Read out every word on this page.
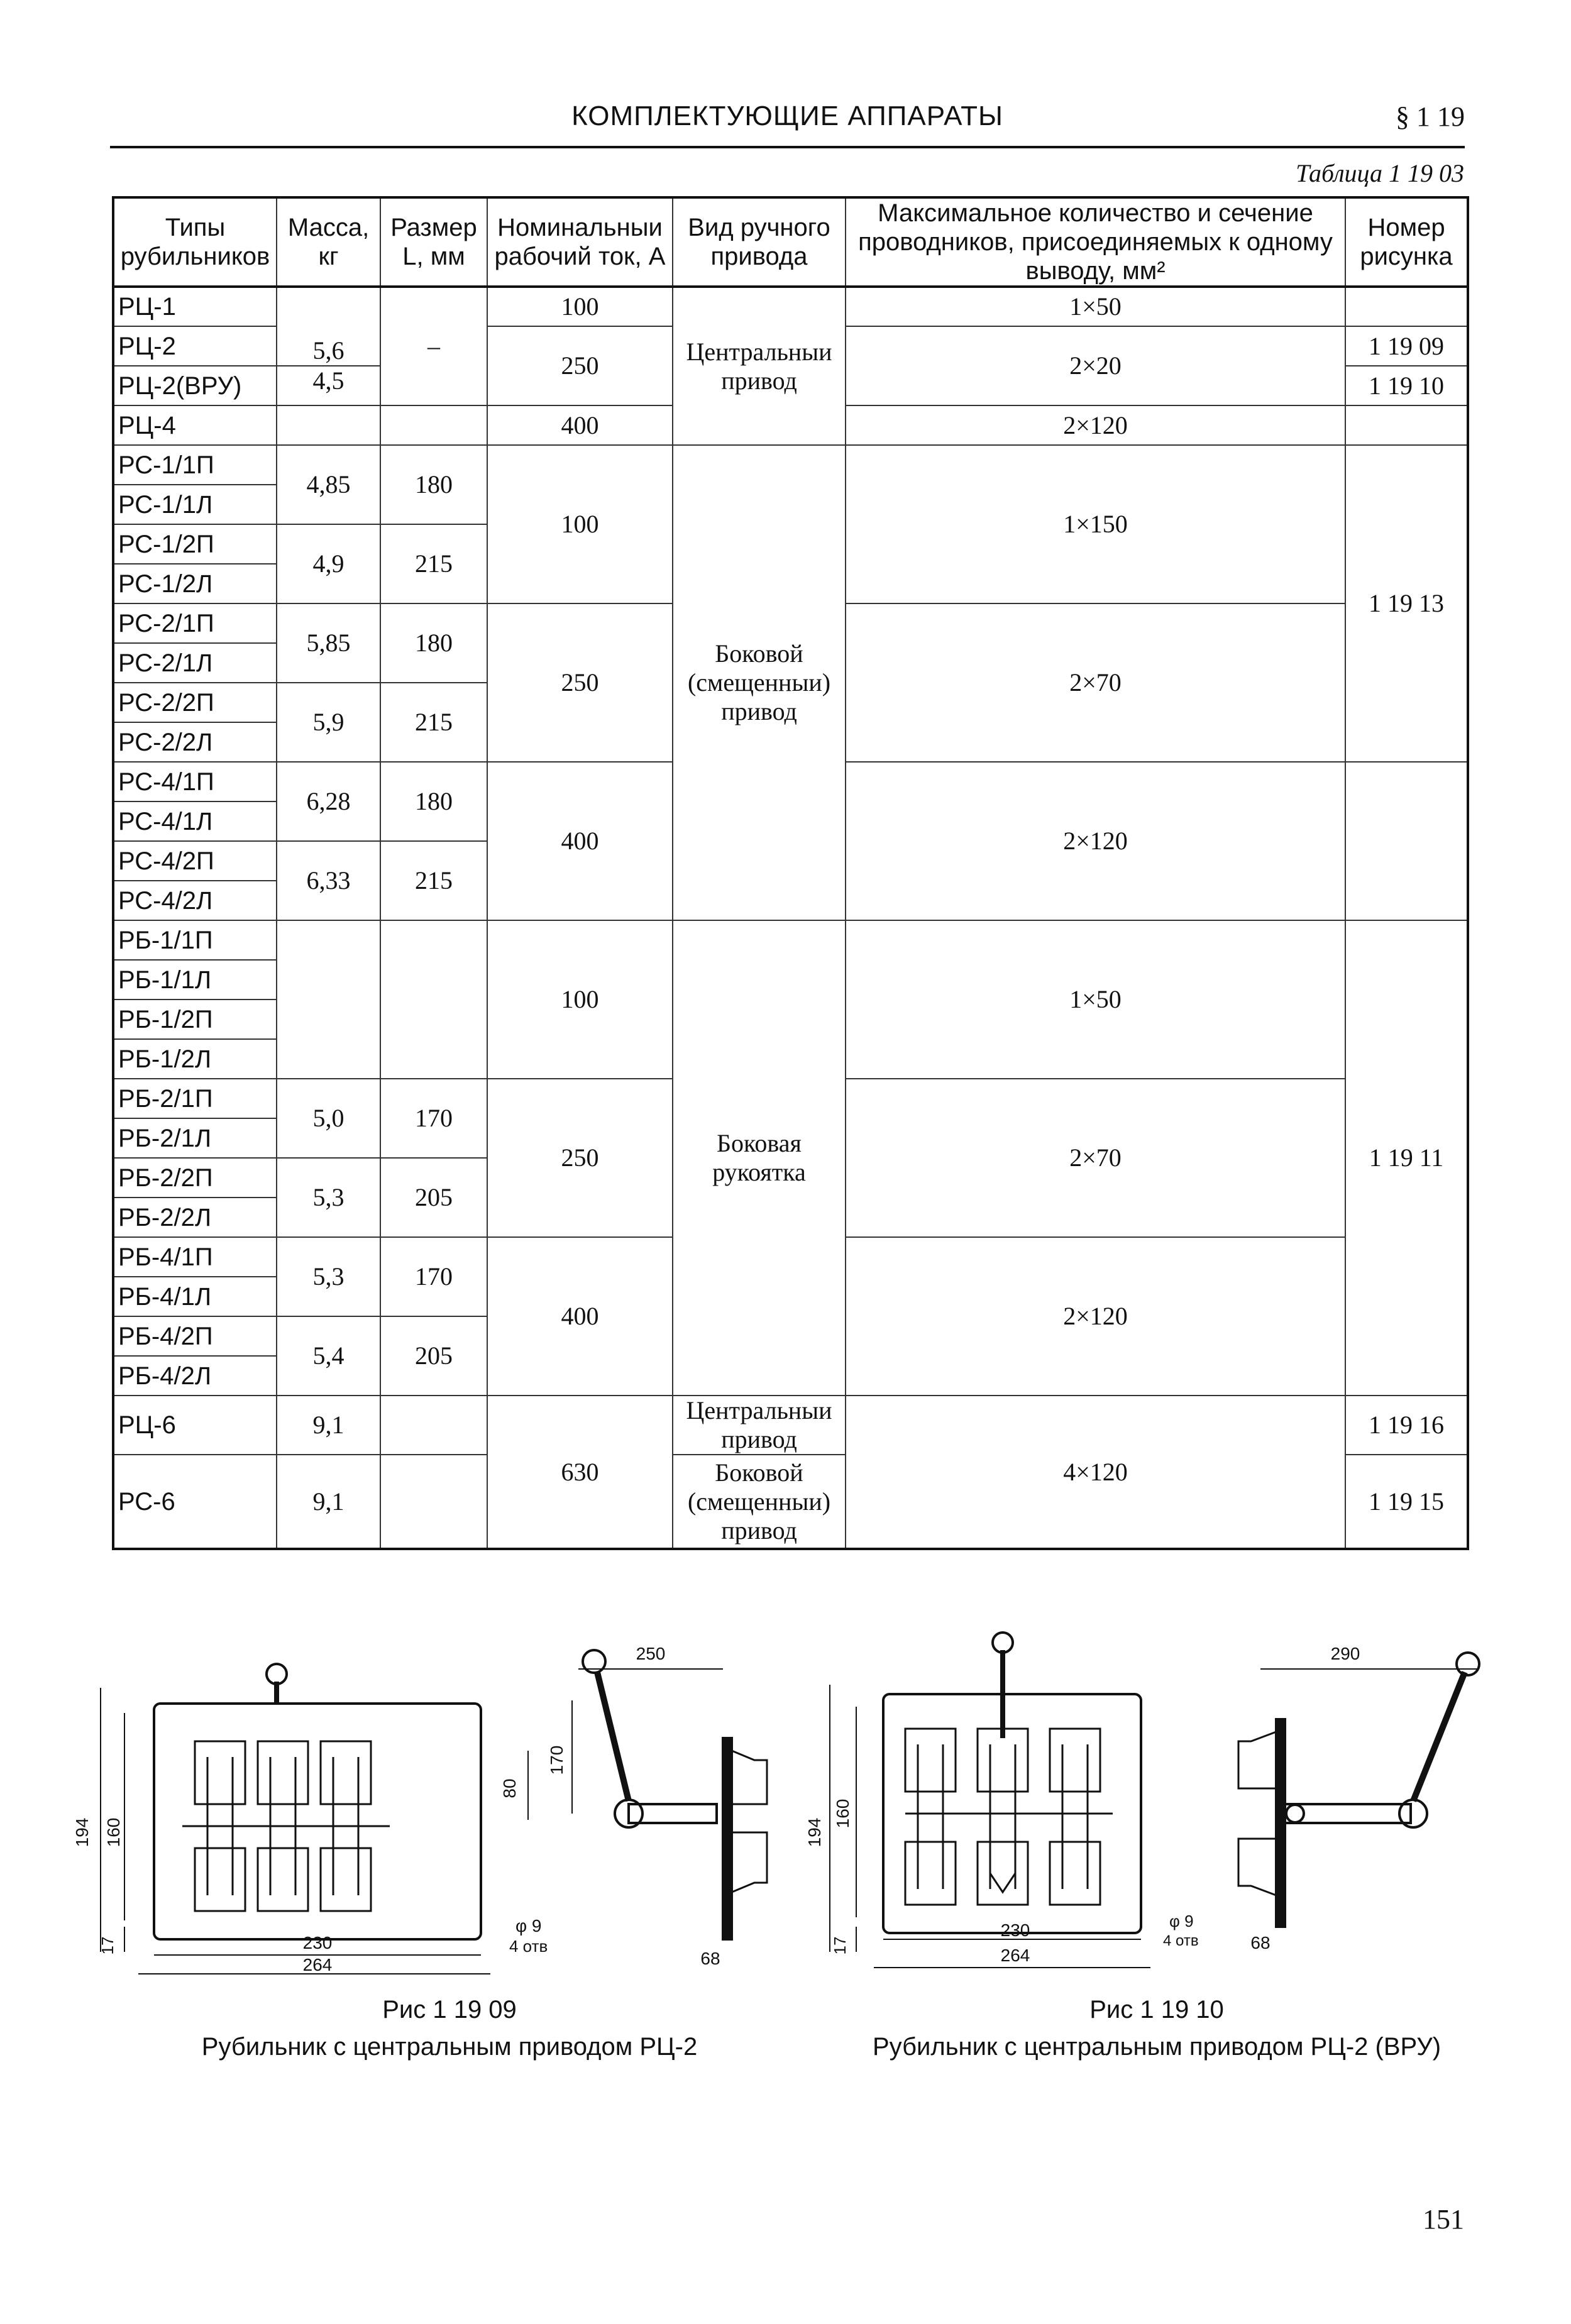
КОМПЛЕКТУЮЩИЕ АППАРАТЫ	§ 1 19
Таблица 1 19 03
Типы рубильников	Масса, кг	Размер L, мм	Номинальныи рабочий ток, А	Вид ручного привода	Максимальное количество и сечение проводников, присоединяемых к одному выводу, мм²	Номер рисунка
РЦ-1	5,6	–	100	Центральныи привод	1×50	
РЦ-2			250		2×20	1 19 09
РЦ-2(ВРУ)	4,5					1 19 10
РЦ-4			400		2×120	
РС-1/1П	4,85	180	100	Боковой (смещенныи) привод	1×150	1 19 13
РС-1/1Л						
РС-1/2П	4,9	215				
РС-1/2Л						
РС-2/1П	5,85	180	250		2×70	
РС-2/1Л						
РС-2/2П	5,9	215				
РС-2/2Л						
РС-4/1П	6,28	180	400		2×120	
РС-4/1Л						
РС-4/2П	6,33	215				
РС-4/2Л						
РБ-1/1П			100	Боковая рукоятка	1×50	1 19 11
РБ-1/1Л						
РБ-1/2П						
РБ-1/2Л						
РБ-2/1П	5,0	170	250		2×70	
РБ-2/1Л						
РБ-2/2П	5,3	205				
РБ-2/2Л						
РБ-4/1П	5,3	170	400		2×120	
РБ-4/1Л						
РБ-4/2П	5,4	205				
РБ-4/2Л						
РЦ-6	9,1		630	Центральныи привод	4×120	1 19 16
РС-6	9,1			Боковой (смещенныи) привод		1 19 15
194 160
17	230
264
φ 9
4 отв
250
80
170
68
Рис 1 19 09
Рубильник с центральным приводом РЦ-2
194
160
17
230
264
φ 9
4 отв
290
68
Рис 1 19 10
Рубильник с центральным приводом РЦ-2 (ВРУ)
151
